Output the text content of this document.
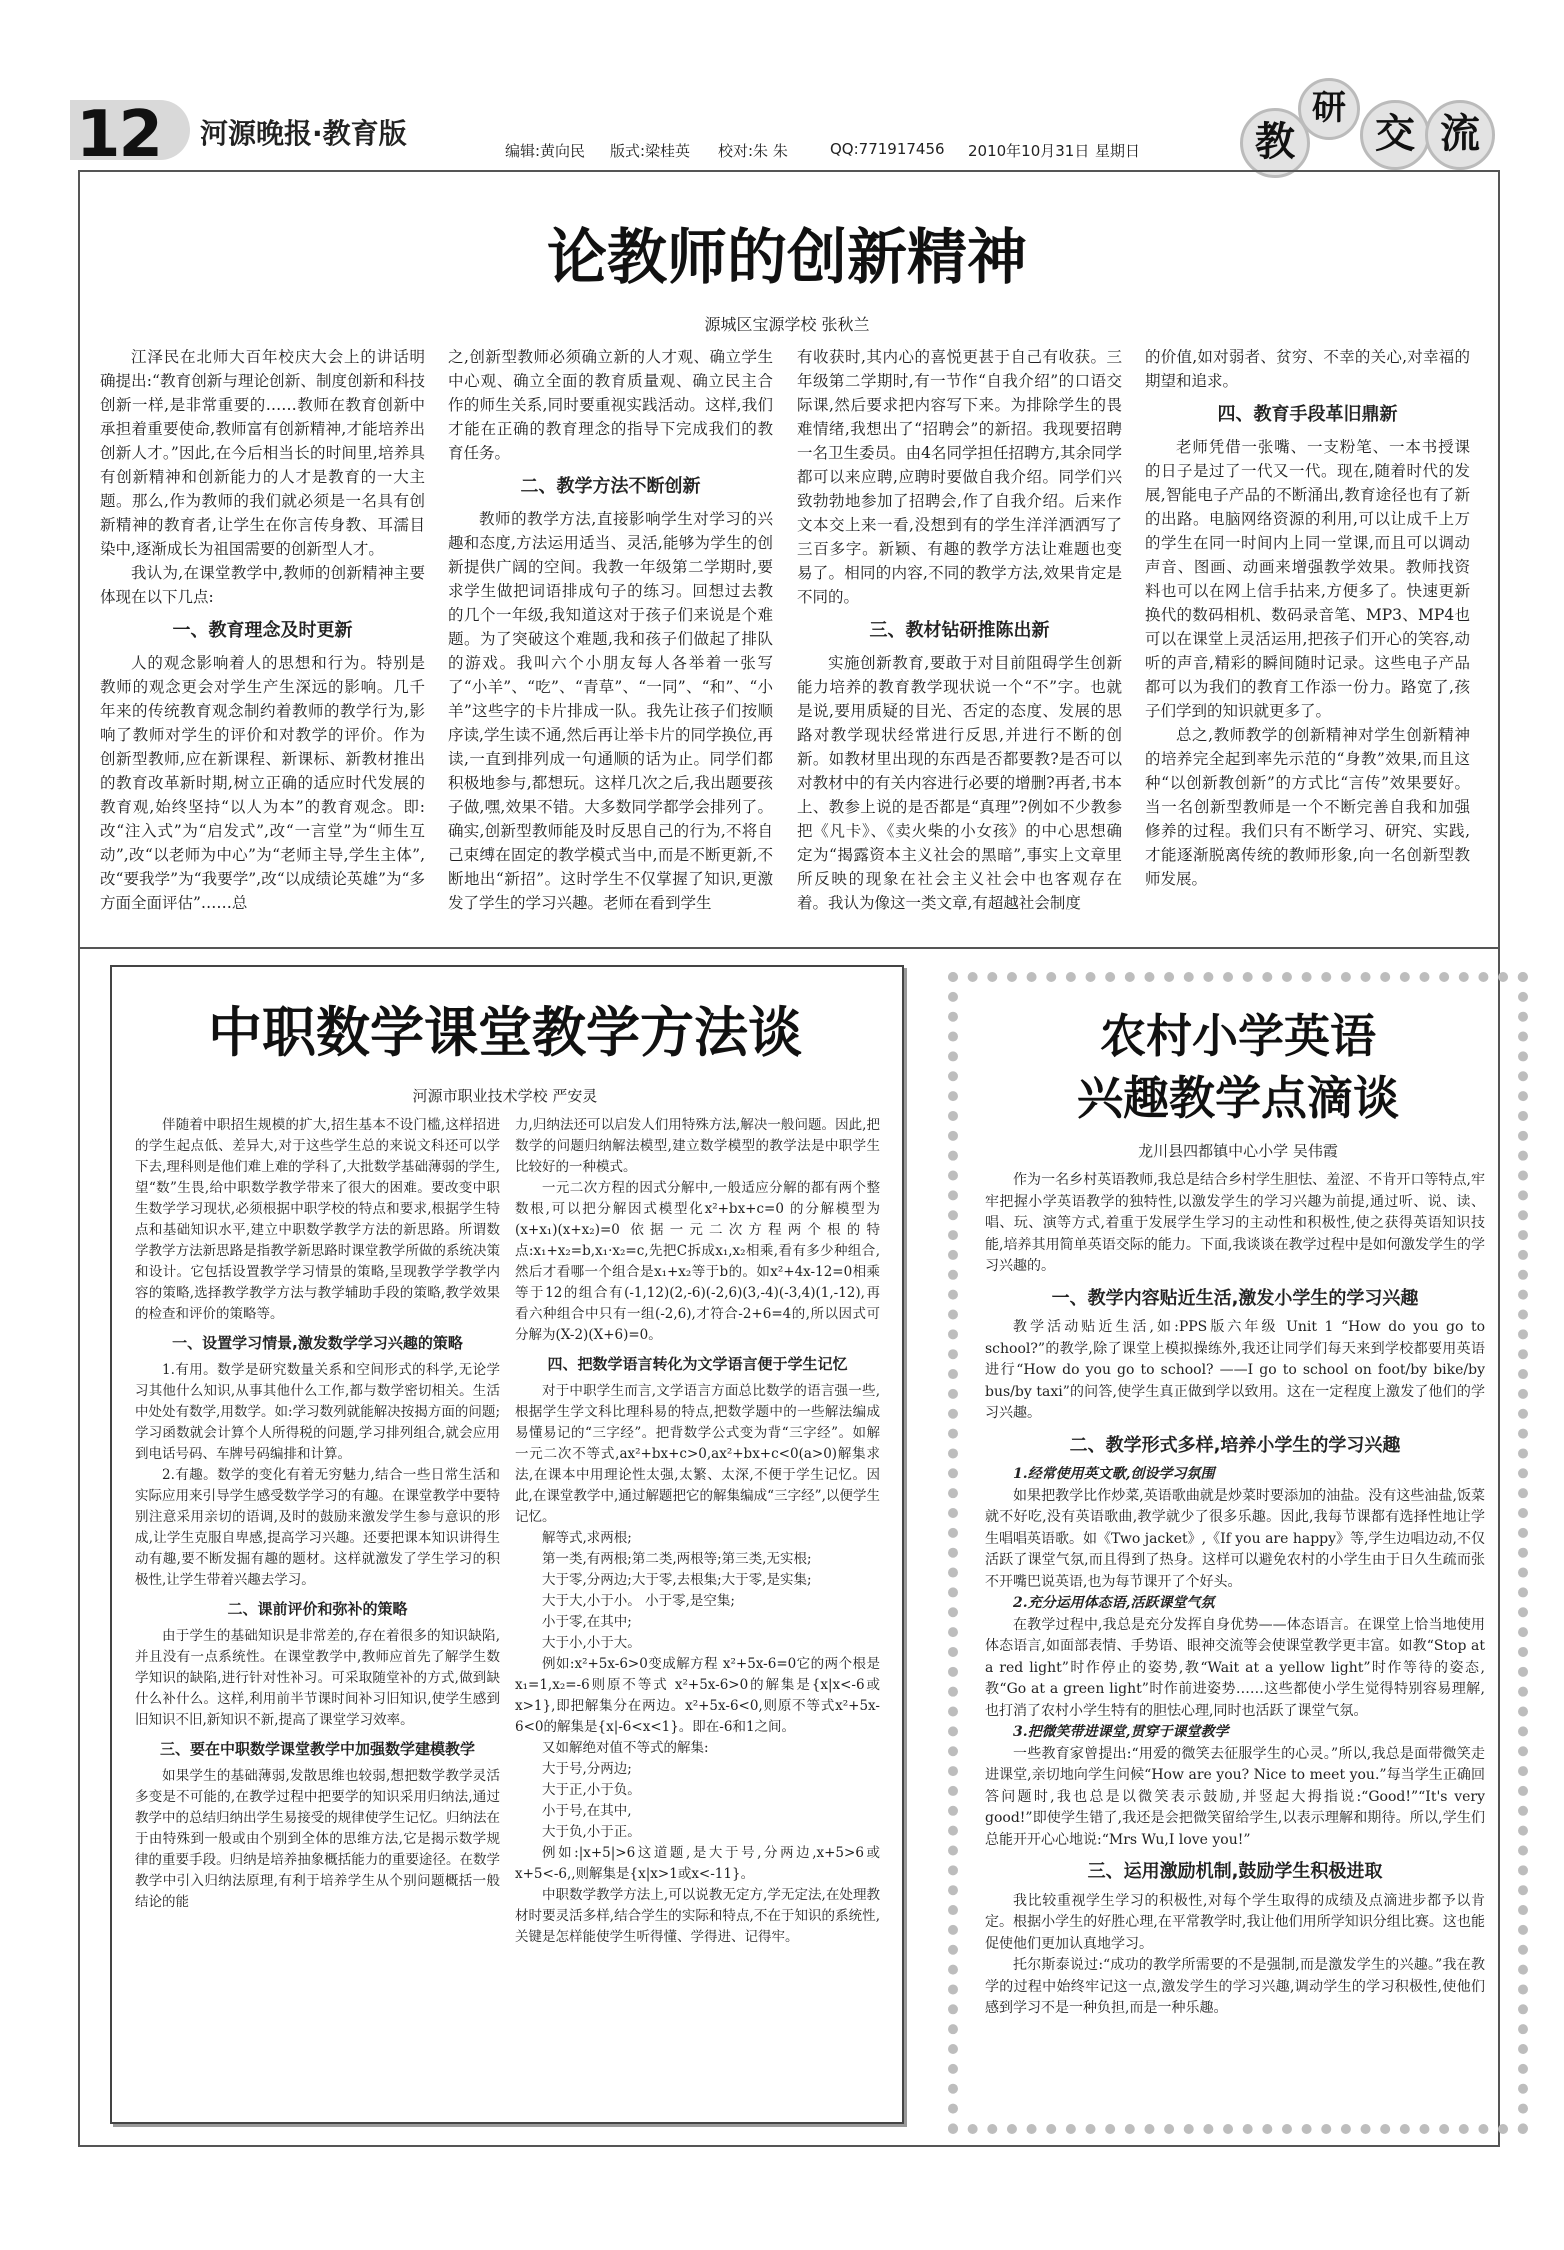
12 河源晚报·教育版
编辑:黄向民 版式:梁桂英 校对:朱 朱	QQ:771917456 2010年10月31日 星期日	教
研
交 流
论教师的创新精神
源城区宝源学校 张秋兰

江泽民在北师大百年校庆大会上的讲话明确提出:“教育创新与理论创新、制度创新和科技创新一样,是非常重要的……教师在教育创新中承担着重要使命,教师富有创新精神,才能培养出创新人才。”因此,在今后相当长的时间里,培养具有创新精神和创新能力的人才是教育的一大主题。那么,作为教师的我们就必须是一名具有创新精神的教育者,让学生在你言传身教、耳濡目染中,逐渐成长为祖国需要的创新型人才。

我认为,在课堂教学中,教师的创新精神主要体现在以下几点:

一、教育理念及时更新

人的观念影响着人的思想和行为。特别是教师的观念更会对学生产生深远的影响。几千年来的传统教育观念制约着教师的教学行为,影响了教师对学生的评价和对教学的评价。作为创新型教师,应在新课程、新课标、新教材推出的教育改革新时期,树立正确的适应时代发展的教育观,始终坚持“以人为本”的教育观念。即:改“注入式”为“启发式”,改“一言堂”为“师生互动”,改“以老师为中心”为“老师主导,学生主体”,改“要我学”为“我要学”,改“以成绩论英雄”为“多方面全面评估”……总

之,创新型教师必须确立新的人才观、确立学生中心观、确立全面的教育质量观、确立民主合作的师生关系,同时要重视实践活动。这样,我们才能在正确的教育理念的指导下完成我们的教育任务。

二、教学方法不断创新

教师的教学方法,直接影响学生对学习的兴趣和态度,方法运用适当、灵活,能够为学生的创新提供广阔的空间。我教一年级第二学期时,要求学生做把词语排成句子的练习。回想过去教的几个一年级,我知道这对于孩子们来说是个难题。为了突破这个难题,我和孩子们做起了排队的游戏。我叫六个小朋友每人各举着一张写了“小羊”、“吃”、“青草”、“一同”、“和”、“小羊”这些字的卡片排成一队。我先让孩子们按顺序读,学生读不通,然后再让举卡片的同学换位,再读,一直到排列成一句通顺的话为止。同学们都积极地参与,都想玩。这样几次之后,我出题要孩子做,嘿,效果不错。大多数同学都学会排列了。确实,创新型教师能及时反思自己的行为,不将自己束缚在固定的教学模式当中,而是不断更新,不断地出“新招”。这时学生不仅掌握了知识,更激发了学生的学习兴趣。老师在看到学生

有收获时,其内心的喜悦更甚于自己有收获。三年级第二学期时,有一节作“自我介绍”的口语交际课,然后要求把内容写下来。为排除学生的畏难情绪,我想出了“招聘会”的新招。我现要招聘一名卫生委员。由4名同学担任招聘方,其余同学都可以来应聘,应聘时要做自我介绍。同学们兴致勃勃地参加了招聘会,作了自我介绍。后来作文本交上来一看,没想到有的学生洋洋洒洒写了三百多字。新颖、有趣的教学方法让难题也变易了。相同的内容,不同的教学方法,效果肯定是不同的。

三、教材钻研推陈出新

实施创新教育,要敢于对目前阻碍学生创新能力培养的教育教学现状说一个“不”字。也就是说,要用质疑的目光、否定的态度、发展的思路对教学现状经常进行反思,并进行不断的创新。如教材里出现的东西是否都要教?是否可以对教材中的有关内容进行必要的增删?再者,书本上、教参上说的是否都是“真理”?例如不少教参把《凡卡》、《卖火柴的小女孩》的中心思想确定为“揭露资本主义社会的黑暗”,事实上文章里所反映的现象在社会主义社会中也客观存在着。我认为像这一类文章,有超越社会制度

的价值,如对弱者、贫穷、不幸的关心,对幸福的期望和追求。

四、教育手段革旧鼎新

老师凭借一张嘴、一支粉笔、一本书授课的日子是过了一代又一代。现在,随着时代的发展,智能电子产品的不断涌出,教育途径也有了新的出路。电脑网络资源的利用,可以让成千上万的学生在同一时间内上同一堂课,而且可以调动声音、图画、动画来增强教学效果。教师找资料也可以在网上信手拈来,方便多了。快速更新换代的数码相机、数码录音笔、MP3、MP4也可以在课堂上灵活运用,把孩子们开心的笑容,动听的声音,精彩的瞬间随时记录。这些电子产品都可以为我们的教育工作添一份力。路宽了,孩子们学到的知识就更多了。

总之,教师教学的创新精神对学生创新精神的培养完全起到率先示范的“身教”效果,而且这种“以创新教创新”的方式比“言传”效果要好。当一名创新型教师是一个不断完善自我和加强修养的过程。我们只有不断学习、研究、实践,才能逐渐脱离传统的教师形象,向一名创新型教师发展。

中职数学课堂教学方法谈
河源市职业技术学校 严安灵

伴随着中职招生规模的扩大,招生基本不设门槛,这样招进的学生起点低、差异大,对于这些学生总的来说文科还可以学下去,理科则是他们难上难的学科了,大批数学基础薄弱的学生,望“数”生畏,给中职数学教学带来了很大的困难。要改变中职生数学学习现状,必须根据中职学校的特点和要求,根据学生特点和基础知识水平,建立中职数学教学方法的新思路。所谓数学教学方法新思路是指教学新思路时课堂教学所做的系统决策和设计。它包括设置教学学习情景的策略,呈现教学学教学内容的策略,选择教学教学方法与教学辅助手段的策略,教学效果的检查和评价的策略等。

一、设置学习情景,激发数学学习兴趣的策略

1.有用。数学是研究数量关系和空间形式的科学,无论学习其他什么知识,从事其他什么工作,都与数学密切相关。生活中处处有数学,用数学。如:学习数列就能解决按揭方面的问题;学习函数就会计算个人所得税的问题,学习排列组合,就会应用到电话号码、车牌号码编排和计算。

2.有趣。数学的变化有着无穷魅力,结合一些日常生活和实际应用来引导学生感受数学学习的有趣。在课堂教学中要特别注意采用亲切的语调,及时的鼓励来激发学生参与意识的形成,让学生克服自卑感,提高学习兴趣。还要把课本知识讲得生动有趣,要不断发掘有趣的题材。这样就激发了学生学习的积极性,让学生带着兴趣去学习。

二、课前评价和弥补的策略

由于学生的基础知识是非常差的,存在着很多的知识缺陷,并且没有一点系统性。在课堂教学中,教师应首先了解学生数学知识的缺陷,进行针对性补习。可采取随堂补的方式,做到缺什么补什么。这样,利用前半节课时间补习旧知识,使学生感到旧知识不旧,新知识不新,提高了课堂学习效率。

三、要在中职数学课堂教学中加强数学建模教学

如果学生的基础薄弱,发散思维也较弱,想把数学教学灵活多变是不可能的,在教学过程中把要学的知识采用归纳法,通过教学中的总结归纳出学生易接受的规律使学生记忆。归纳法在于由特殊到一般或由个别到全体的思维方法,它是揭示数学规律的重要手段。归纳是培养抽象概括能力的重要途径。在数学教学中引入归纳法原理,有利于培养学生从个别问题概括一般结论的能

力,归纳法还可以启发人们用特殊方法,解决一般问题。因此,把数学的问题归纳解法模型,建立数学模型的教学法是中职学生比较好的一种模式。

一元二次方程的因式分解中,一般适应分解的都有两个整数根,可以把分解因式模型化x²+bx+c=0 的分解模型为(x+x₁)(x+x₂)=0 依据一元二次方程两个根的特点:x₁+x₂=b,x₁·x₂=c,先把C拆成x₁,x₂相乘,看有多少种组合,然后才看哪一个组合是x₁+x₂等于b的。如x²+4x-12=0相乘等于12的组合有(-1,12)(2,-6)(-2,6)(3,-4)(-3,4)(1,-12),再看六种组合中只有一组(-2,6),才符合-2+6=4的,所以因式可分解为(X-2)(X+6)=0。

四、把数学语言转化为文学语言便于学生记忆

对于中职学生而言,文学语言方面总比数学的语言强一些,根据学生学文科比理科易的特点,把数学题中的一些解法编成易懂易记的“三字经”。把背数学公式变为背“三字经”。如解一元二次不等式,ax²+bx+c>0,ax²+bx+c<0(a>0)解集求法,在课本中用理论性太强,太繁、太深,不便于学生记忆。因此,在课堂教学中,通过解题把它的解集编成“三字经”,以便学生记忆。

解等式,求两根;

第一类,有两根;第二类,两根等;第三类,无实根;

大于零,分两边;大于零,去根集;大于零,是实集;

大于大,小于小。 小于零,是空集;

小于零,在其中;

大于小,小于大。

例如:x²+5x-6>0变成解方程 x²+5x-6=0它的两个根是x₁=1,x₂=-6则原不等式 x²+5x-6>0的解集是{x|x<-6或x>1},即把解集分在两边。x²+5x-6<0,则原不等式x²+5x-6<0的解集是{x|-6<x<1}。即在-6和1之间。

又如解绝对值不等式的解集:

大于号,分两边;

大于正,小于负。

小于号,在其中,

大于负,小于正。

例如:|x+5|>6这道题,是大于号,分两边,x+5>6或x+5<-6,,则解集是{x|x>1或x<-11}。

中职数学教学方法上,可以说教无定方,学无定法,在处理教材时要灵活多样,结合学生的实际和特点,不在于知识的系统性,关键是怎样能使学生听得懂、学得进、记得牢。

农村小学英语
兴趣教学点滴谈
龙川县四都镇中心小学 吴伟霞

作为一名乡村英语教师,我总是结合乡村学生胆怯、羞涩、不肯开口等特点,牢牢把握小学英语教学的独特性,以激发学生的学习兴趣为前提,通过听、说、读、唱、玩、演等方式,着重于发展学生学习的主动性和积极性,使之获得英语知识技能,培养其用简单英语交际的能力。下面,我谈谈在教学过程中是如何激发学生的学习兴趣的。

一、教学内容贴近生活,激发小学生的学习兴趣

教学活动贴近生活,如:PPS版六年级 Unit 1 “How do you go to school?”的教学,除了课堂上模拟操练外,我还让同学们每天来到学校都要用英语进行“How do you go to school? ——I go to school on foot/by bike/by bus/by taxi”的问答,使学生真正做到学以致用。这在一定程度上激发了他们的学习兴趣。

二、教学形式多样,培养小学生的学习兴趣

1.经常使用英文歌,创设学习氛围

如果把教学比作炒菜,英语歌曲就是炒菜时要添加的油盐。没有这些油盐,饭菜就不好吃,没有英语歌曲,教学就少了很多乐趣。因此,我每节课都有选择性地让学生唱唱英语歌。如《Two jacket》,《If you are happy》等,学生边唱边动,不仅活跃了课堂气氛,而且得到了热身。这样可以避免农村的小学生由于日久生疏而张不开嘴巴说英语,也为每节课开了个好头。

2.充分运用体态语,活跃课堂气氛

在教学过程中,我总是充分发挥自身优势——体态语言。在课堂上恰当地使用体态语言,如面部表情、手势语、眼神交流等会使课堂教学更丰富。如教“Stop at a red light”时作停止的姿势,教“Wait at a yellow light”时作等待的姿态,教“Go at a green light”时作前进姿势……这些都使小学生觉得特别容易理解,也打消了农村小学生特有的胆怯心理,同时也活跃了课堂气氛。

3.把微笑带进课堂,贯穿于课堂教学

一些教育家曾提出:“用爱的微笑去征服学生的心灵。”所以,我总是面带微笑走进课堂,亲切地向学生问候“How are you? Nice to meet you.”每当学生正确回答问题时,我也总是以微笑表示鼓励,并竖起大拇指说:“Good!”“It's very good!”即使学生错了,我还是会把微笑留给学生,以表示理解和期待。所以,学生们总能开开心心地说:“Mrs Wu,I love you!”

三、运用激励机制,鼓励学生积极进取

我比较重视学生学习的积极性,对每个学生取得的成绩及点滴进步都予以肯定。根据小学生的好胜心理,在平常教学时,我让他们用所学知识分组比赛。这也能促使他们更加认真地学习。

托尔斯泰说过:“成功的教学所需要的不是强制,而是激发学生的兴趣。”我在教学的过程中始终牢记这一点,激发学生的学习兴趣,调动学生的学习积极性,使他们感到学习不是一种负担,而是一种乐趣。
